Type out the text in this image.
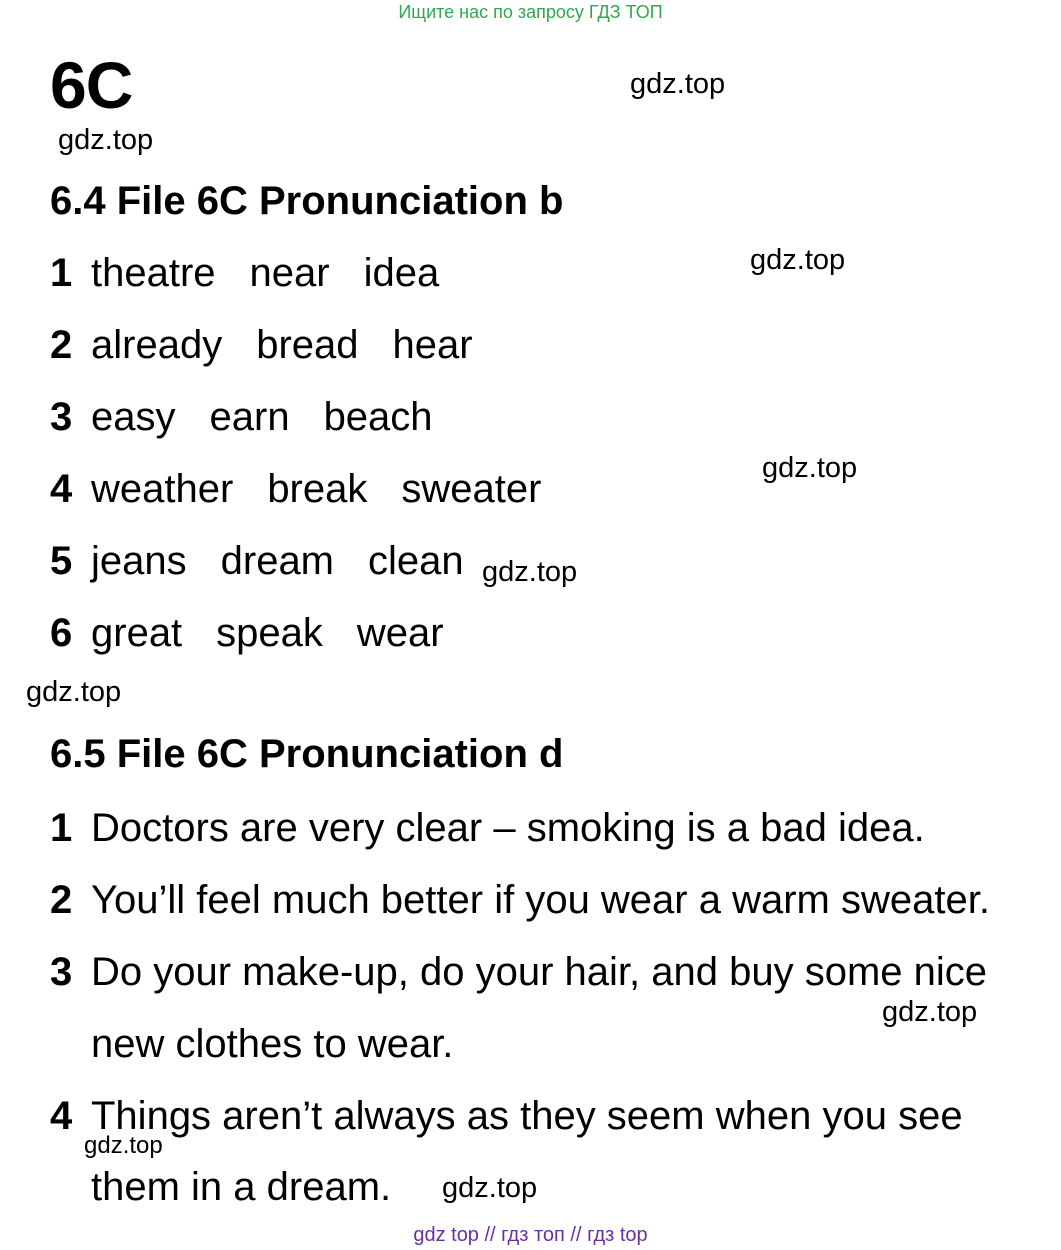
Ищите нас по запросу ГДЗ ТОП
6C	gdz.top
gdz.top
gdz.top
gdz.top
gdz.top
gdz.top
gdz.top
gdz.top
gdz.top
6.4 File 6C Pronunciation b
1 theatre near idea
2 already bread hear
3 easy earn beach
4 weather break sweater
5 jeans dream clean
6 great speak wear
6.5 File 6C Pronunciation d
1 Doctors are very clear – smoking is a bad idea.
2 You’ll feel much better if you wear a warm sweater.
3 Do your make-up, do your hair, and buy some nice
new clothes to wear.
4 Things aren’t always as they seem when you see
them in a dream.
gdz top // гдз топ // гдз top
